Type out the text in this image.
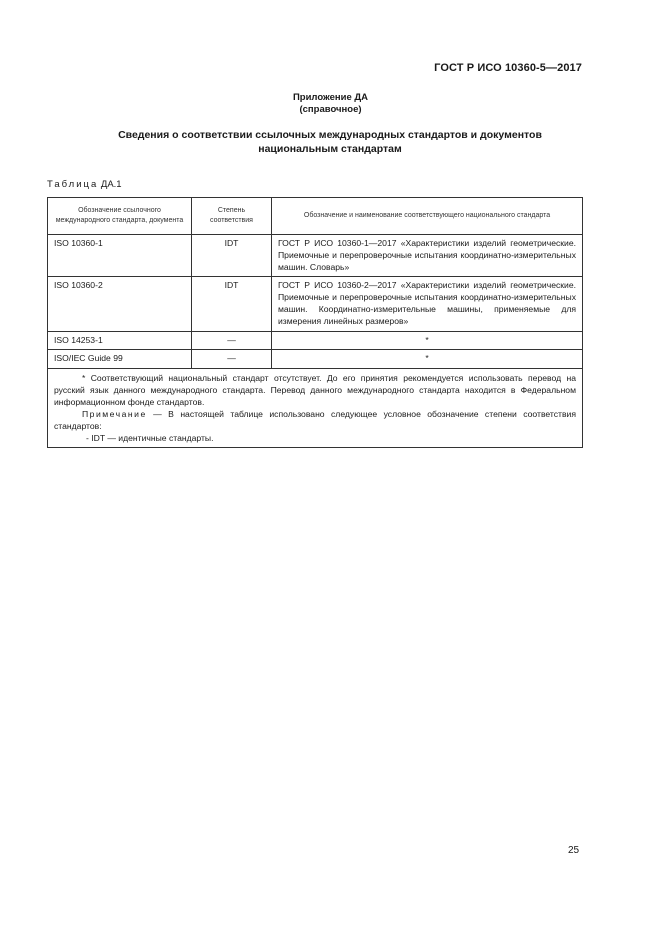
ГОСТ Р ИСО 10360-5—2017
Приложение ДА
(справочное)
Сведения о соответствии ссылочных международных стандартов и документов
национальным стандартам
Таблица ДА.1
Обозначение ссылочного международного стандарта, документа	Степень соответствия	Обозначение и наименование соответствующего национального стандарта
ISO 10360-1	IDT	ГОСТ Р ИСО 10360-1—2017 «Характеристики изделий геометрические. Приемочные и перепроверочные испытания координатно-измерительных машин. Словарь»
ISO 10360-2	IDT	ГОСТ Р ИСО 10360-2—2017 «Характеристики изделий геометрические. Приемочные и перепроверочные испытания координатно-измерительных машин. Координатно-измерительные машины, применяемые для измерения линейных размеров»
ISO 14253-1	—	*
ISO/IEC Guide 99	—	*

* Соответствующий национальный стандарт отсутствует. До его принятия рекомендуется использовать перевод на русский язык данного международного стандарта. Перевод данного международного стандарта находится в Федеральном информационном фонде стандартов.
Примечание — В настоящей таблице использовано следующее условное обозначение степени соответствия стандартов:
- IDT — идентичные стандарты.		
25
